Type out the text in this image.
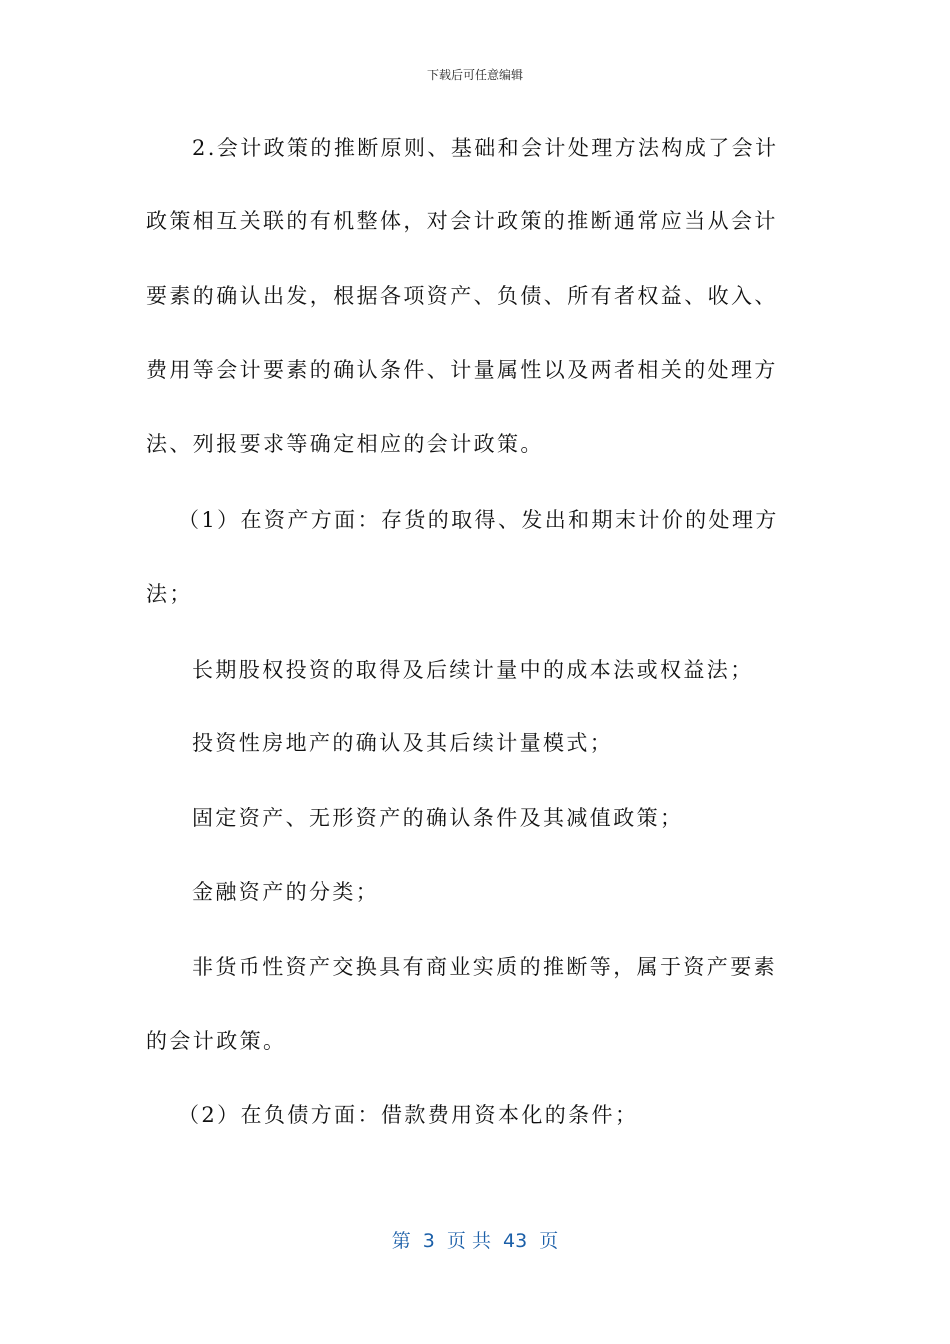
下载后可任意编辑
2.会计政策的推断原则、基础和会计处理方法构成了会计
政策相互关联的有机整体，对会计政策的推断通常应当从会计
要素的确认出发，根据各项资产、负债、所有者权益、收入、
费用等会计要素的确认条件、计量属性以及两者相关的处理方
法、列报要求等确定相应的会计政策。
（1）在资产方面：存货的取得、发出和期末计价的处理方
法；
长期股权投资的取得及后续计量中的成本法或权益法；
投资性房地产的确认及其后续计量模式；
固定资产、无形资产的确认条件及其减值政策；
金融资产的分类；
非货币性资产交换具有商业实质的推断等，属于资产要素
的会计政策。
（2）在负债方面：借款费用资本化的条件；
第  3  页 共  43  页
